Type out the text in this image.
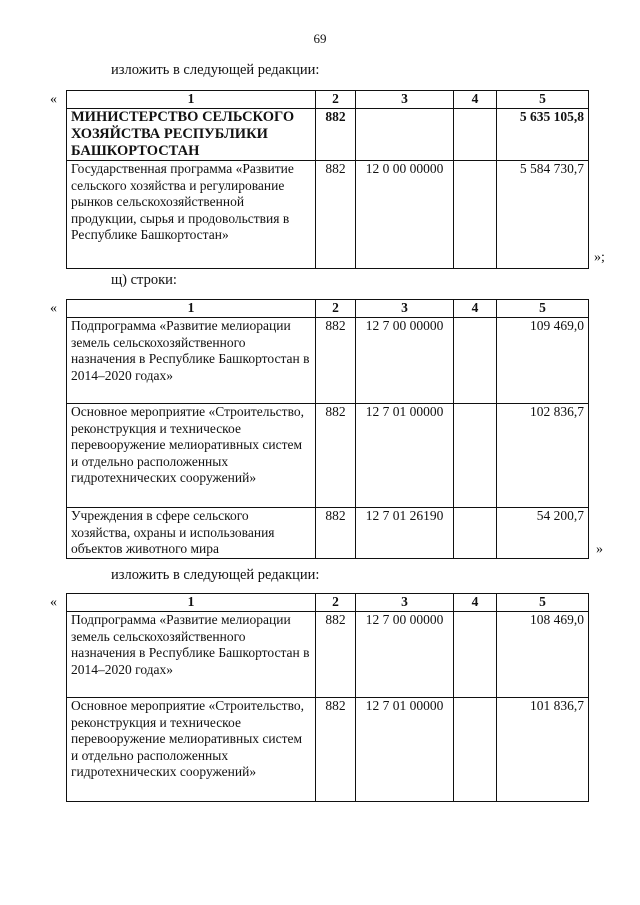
69
изложить в следующей редакции:
«	1	2	3	4	5
МИНИСТЕРСТВО СЕЛЬСКОГО ХОЗЯЙСТВА РЕСПУБЛИКИ БАШКОРТОСТАН	882			5 635 105,8
Государственная программа «Развитие сельского хозяйства и регулирование рынков сельскохозяйственной продукции, сырья и продовольствия в Республике Башкортостан»	882	12 0 00 00000		5 584 730,7
»;
щ) строки:
«	1	2	3	4	5
Подпрограмма «Развитие мелиорации земель сельскохозяйственного назначения в Республике Башкортостан в 2014–2020 годах»	882	12 7 00 00000		109 469,0
Основное мероприятие «Строительство, реконструкция и техническое перевооружение мелиоративных систем и отдельно расположенных гидротехнических сооружений»	882	12 7 01 00000		102 836,7
Учреждения в сфере сельского хозяйства, охраны и использования объектов животного мира	882	12 7 01 26190		54 200,7
»
изложить в следующей редакции:
«	1	2	3	4	5
Подпрограмма «Развитие мелиорации земель сельскохозяйственного назначения в Республике Башкортостан в 2014–2020 годах»	882	12 7 00 00000		108 469,0
Основное мероприятие «Строительство, реконструкция и техническое перевооружение мелиоративных систем и отдельно расположенных гидротехнических сооружений»	882	12 7 01 00000		101 836,7
